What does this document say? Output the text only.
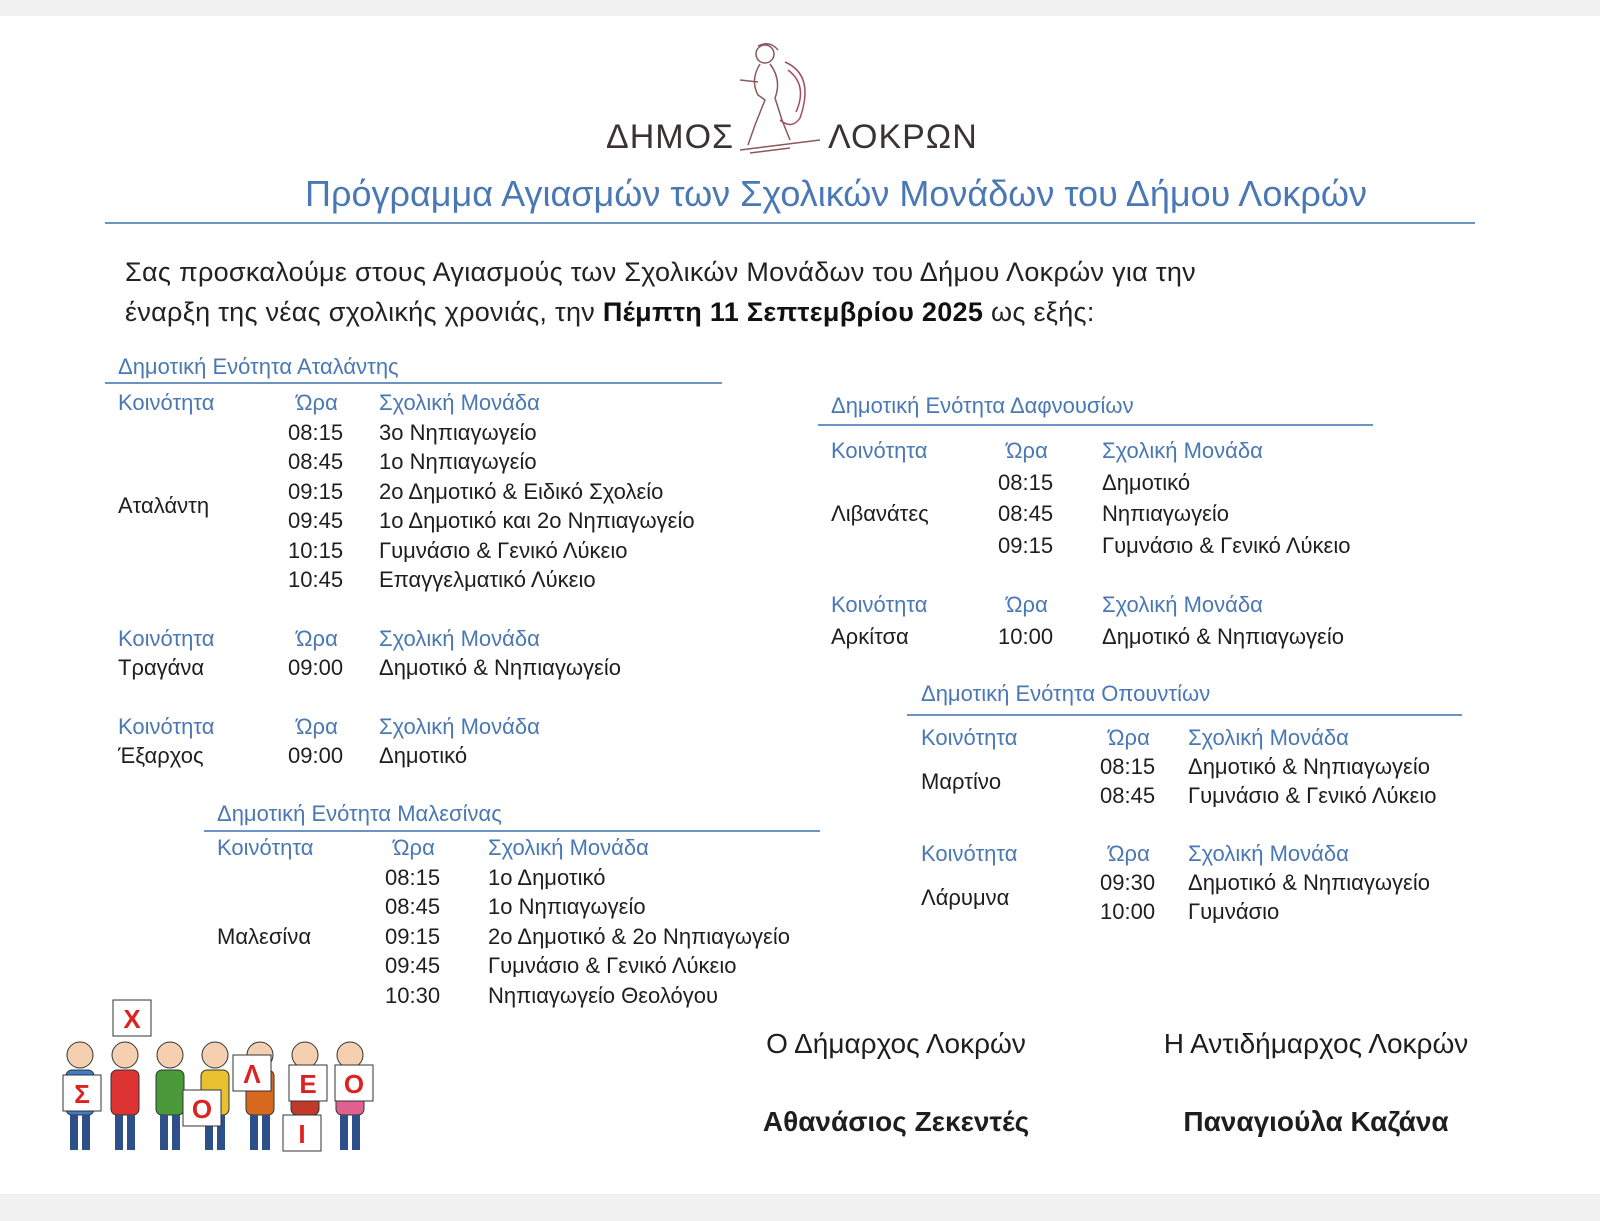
ΔΗΜΟΣ	ΛΟΚΡΩΝ
Πρόγραμμα Αγιασμών των Σχολικών Μονάδων του Δήμου Λοκρών
Σας προσκαλούμε στους Αγιασμούς των Σχολικών Μονάδων του Δήμου Λοκρών για την
έναρξη της νέας σχολικής χρονιάς, την Πέμπτη 11 Σεπτεμβρίου 2025 ως εξής:
Δημοτική Ενότητα Αταλάντης
Κοινότητα	Ώρα	Σχολική Μονάδα
Αταλάντη
08:15	3ο Νηπιαγωγείο
08:45	1ο Νηπιαγωγείο
09:15	2ο Δημοτικό & Ειδικό Σχολείο
09:45	1ο Δημοτικό και 2ο Νηπιαγωγείο
10:15	Γυμνάσιο & Γενικό Λύκειο
10:45	Επαγγελματικό Λύκειο
Κοινότητα	Ώρα	Σχολική Μονάδα
Τραγάνα	09:00	Δημοτικό & Νηπιαγωγείο
Κοινότητα	Ώρα	Σχολική Μονάδα
Έξαρχος	09:00	Δημοτικό
Δημοτική Ενότητα Μαλεσίνας
Κοινότητα	Ώρα	Σχολική Μονάδα
Μαλεσίνα
08:15	1ο Δημοτικό
08:45	1ο Νηπιαγωγείο
09:15	2ο Δημοτικό & 2ο Νηπιαγωγείο
09:45	Γυμνάσιο & Γενικό Λύκειο
10:30	Νηπιαγωγείο Θεολόγου
Δημοτική Ενότητα Δαφνουσίων
Κοινότητα	Ώρα	Σχολική Μονάδα
Λιβανάτες
08:15	Δημοτικό
08:45	Νηπιαγωγείο
09:15	Γυμνάσιο & Γενικό Λύκειο
Κοινότητα	Ώρα	Σχολική Μονάδα
Αρκίτσα	10:00	Δημοτικό & Νηπιαγωγείο
Δημοτική Ενότητα Οπουντίων
Κοινότητα	Ώρα	Σχολική Μονάδα
Μαρτίνο
08:15	Δημοτικό & Νηπιαγωγείο
08:45	Γυμνάσιο & Γενικό Λύκειο
Κοινότητα	Ώρα	Σχολική Μονάδα
Λάρυμνα
09:30	Δημοτικό & Νηπιαγωγείο
10:00	Γυμνάσιο
Ο Δήμαρχος Λοκρών
Αθανάσιος Ζεκεντές
Η Αντιδήμαρχος Λοκρών
Παναγιούλα Καζάνα
Σ
Χ
Ο
Λ
Ι
Ε Ο
